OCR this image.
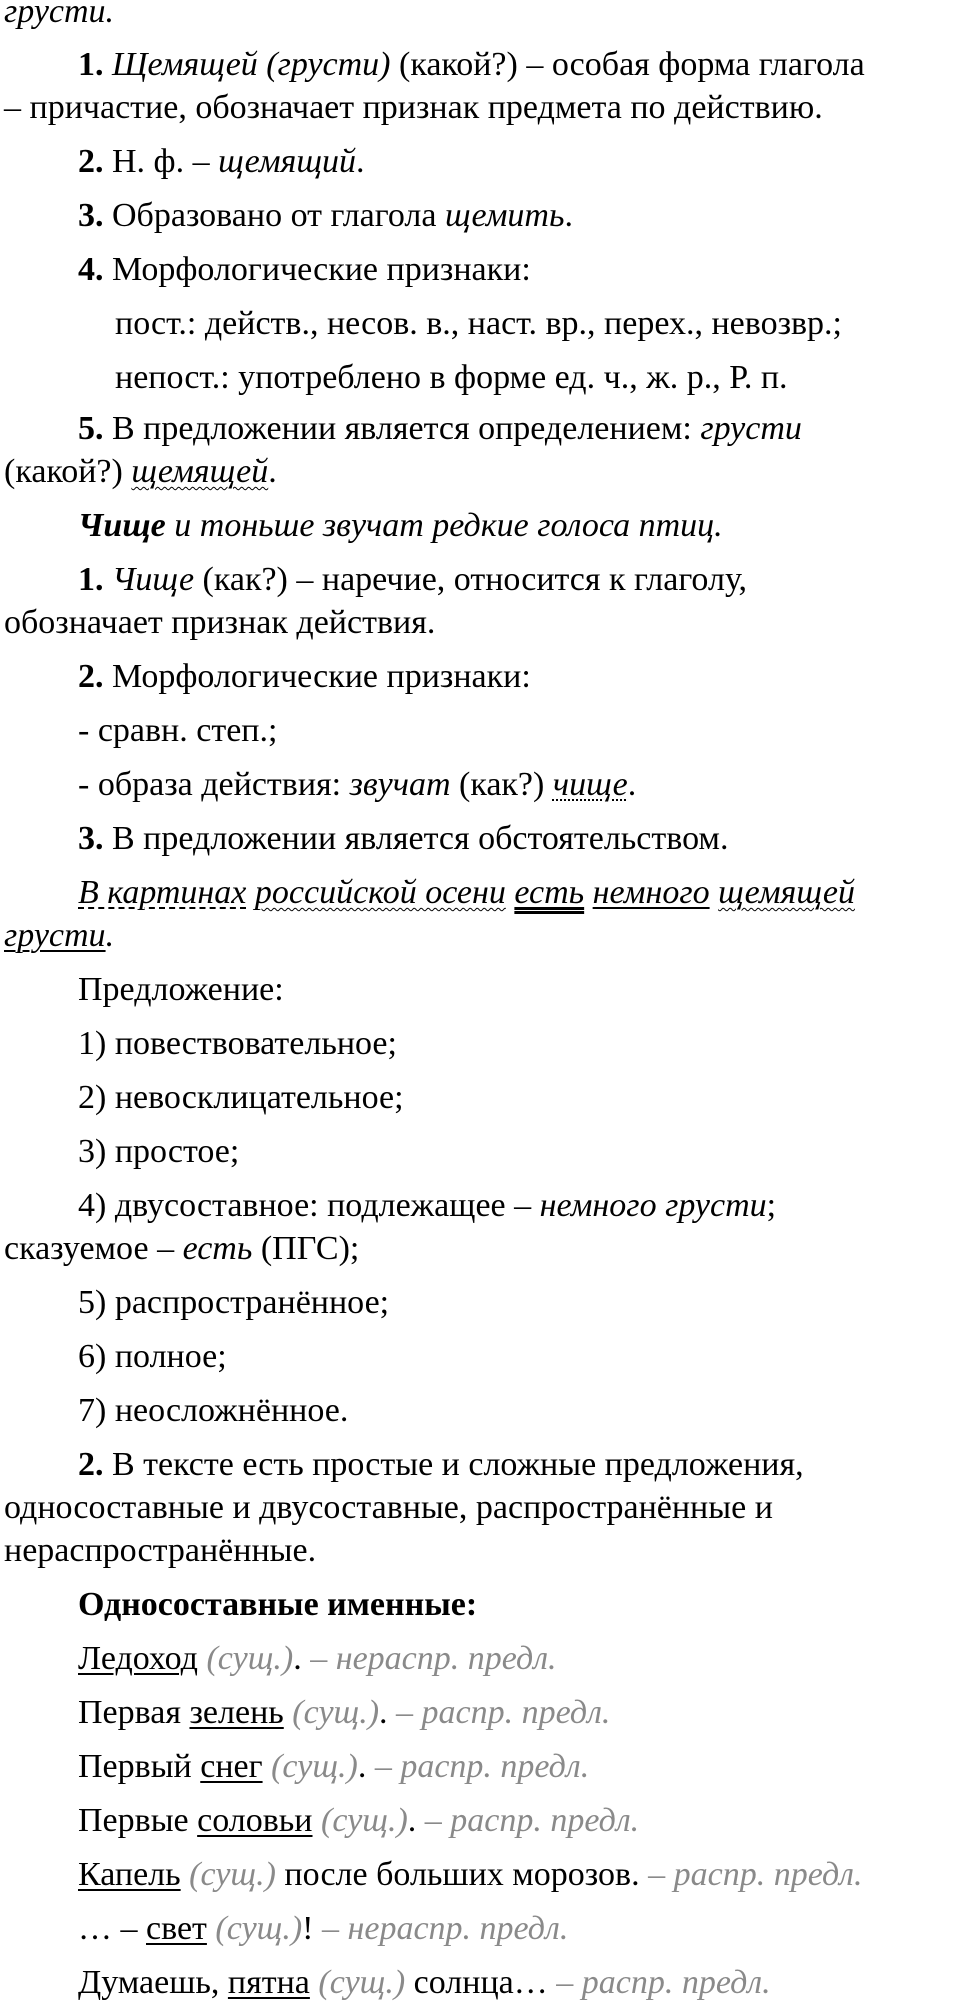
грусти.
1. Щемящей (грусти) (какой?) – особая форма глагола
– причастие, обозначает признак предмета по действию.
2. Н. ф. – щемящий.
3. Образовано от глагола щемить.
4. Морфологические признаки:
пост.: действ., несов. в., наст. вр., перех., невозвр.;
непост.: употреблено в форме ед. ч., ж. р., Р. п.
5. В предложении является определением: грусти
(какой?) щемящей.
Чище и тоньше звучат редкие голоса птиц.
1. Чище (как?) – наречие, относится к глаголу,
обозначает признак действия.
2. Морфологические признаки:
- сравн. степ.;
- образа действия: звучат (как?) чище.
3. В предложении является обстоятельством.
В картинах российской осени есть немного щемящей
грусти.
Предложение:
1) повествовательное;
2) невосклицательное;
3) простое;
4) двусоставное: подлежащее – немного грусти;
сказуемое – есть (ПГС);
5) распространённое;
6) полное;
7) неосложнённое.
2. В тексте есть простые и сложные предложения,
односоставные и двусоставные, распространённые и
нераспространённые.
Односоставные именные:
Ледоход (сущ.). – нераспр. предл.
Первая зелень (сущ.). – распр. предл.
Первый снег (сущ.). – распр. предл.
Первые соловьи (сущ.). – распр. предл.
Капель (сущ.) после больших морозов. – распр. предл.
… – свет (сущ.)! – нераспр. предл.
Думаешь, пятна (сущ.) солнца… – распр. предл.
